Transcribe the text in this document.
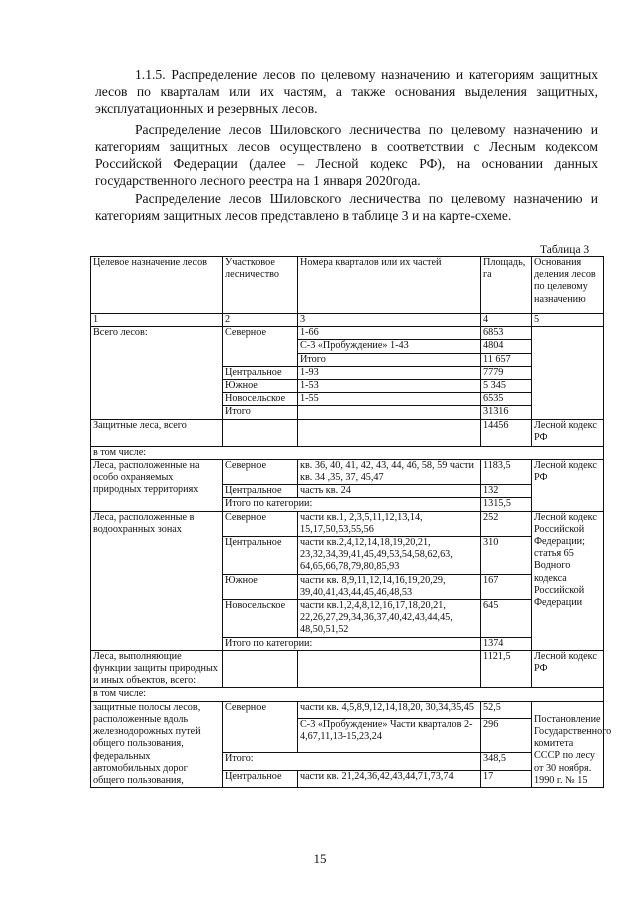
1.1.5. Распределение лесов по целевому назначению и категориям защитных лесов по кварталам или их частям, а также основания выделения защитных, эксплуатационных и резервных лесов.

Распределение лесов Шиловского лесничества по целевому назначению и категориям защитных лесов осуществлено в соответствии с Лесным кодексом Российской Федерации (далее – Лесной кодекс РФ), на основании данных государственного лесного реестра на 1 января 2020года.

Распределение лесов Шиловского лесничества по целевому назначению и категориям защитных лесов представлено в таблице 3 и на карте-схеме.

Таблица 3
Целевое назначение лесов	Участковое лесничество	Номера кварталов или их частей	Площадь, га	Основания деления лесов по целевому назначению
1	2	3	4	5
Всего лесов:	Северное	1-66	6853	
		С-3 «Пробуждение» 1-43	4804	
		Итого	11 657	
	Центральное	1-93	7779	
	Южное	1-53	5 345	
	Новосельское	1-55	6535	
	Итого		31316	
Защитные леса, всего			14456	Лесной кодекс РФ
в том числе:				
Леса, расположенные на особо охраняемых природных территориях	Северное	кв. 36, 40, 41, 42, 43, 44, 46, 58, 59 части кв. 34 ,35, 37, 45,47	1183,5	Лесной кодекс РФ
	Центральное	часть кв. 24	132	
	Итого по категории:		1315,5	
Леса, расположенные в водоохранных зонах	Северное	части кв.1, 2,3,5,11,12,13,14, 15,17,50,53,55,56	252	Лесной кодекс Российской Федерации; статья 65 Водного кодекса Российской Федерации
	Центральное	части кв.2,4,12,14,18,19,20,21, 23,32,34,39,41,45,49,53,54,58,62,63, 64,65,66,78,79,80,85,93	310	
	Южное	части кв. 8,9,11,12,14,16,19,20,29, 39,40,41,43,44,45,46,48,53	167	
	Новосельское	части кв.1,2,4,8,12,16,17,18,20,21, 22,26,27,29,34,36,37,40,42,43,44,45, 48,50,51,52	645	
	Итого по категории:		1374	
Леса, выполняющие функции защиты природных и иных объектов, всего:			1121,5	Лесной кодекс РФ
в том числе:				
защитные полосы лесов, расположенные вдоль железнодорожных путей общего пользования, федеральных автомобильных дорог общего пользования,	Северное	части кв. 4,5,8,9,12,14,18,20, 30,34,35,45	52,5	Постановление Государственного комитета СССР по лесу от 30 ноября. 1990 г. № 15
		С-3 «Пробуждение» Части кварталов 2-4,67,11,13-15,23,24	296	
	Итого:		348,5	
	Центральное	части кв. 21,24,36,42,43,44,71,73,74	17	
15
